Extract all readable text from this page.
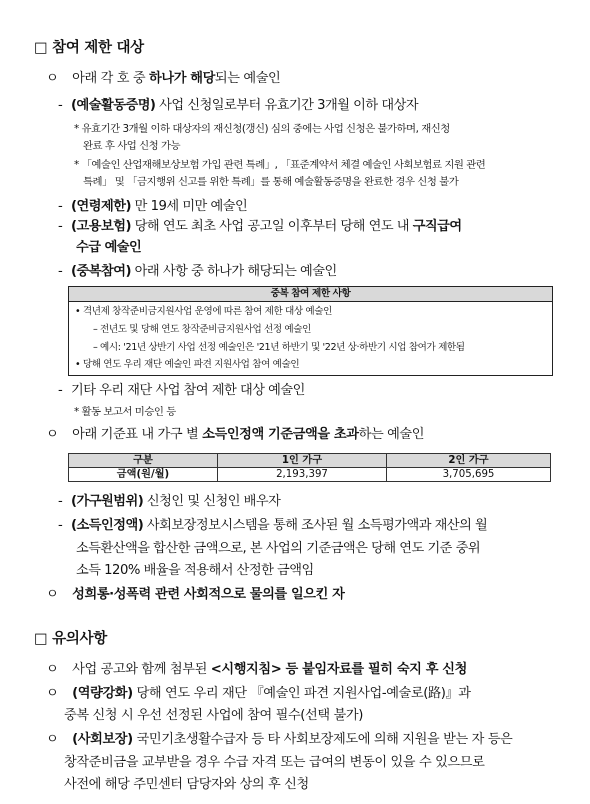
□ 참여 제한 대상
ㅇ 아래 각 호 중 하나가 해당되는 예술인
- (예술활동증명) 사업 신청일로부터 유효기간 3개월 이하 대상자
* 유효기간 3개월 이하 대상자의 재신청(갱신) 심의 중에는 사업 신청은 불가하며, 재신청
완료 후 사업 신청 가능
* 「예술인 산업재해보상보험 가입 관련 특례」, 「표준계약서 체결 예술인 사회보험료 지원 관련
특례」 및 「금지행위 신고를 위한 특례」를 통해 예술활동증명을 완료한 경우 신청 불가
- (연령제한) 만 19세 미만 예술인
- (고용보험) 당해 연도 최초 사업 공고일 이후부터 당해 연도 내 구직급여
수급 예술인
- (중복참여) 아래 사항 중 하나가 해당되는 예술인
중복 참여 제한 사항
• 격년제 창작준비금지원사업 운영에 따른 참여 제한 대상 예술인
– 전년도 및 당해 연도 창작준비금지원사업 선정 예술인
– 예시: '21년 상반기 사업 선정 예술인은 '21년 하반기 및 '22년 상·하반기 시업 참여가 제한됨
• 당해 연도 우리 재단 예술인 파견 지원사업 참여 예술인
- 기타 우리 재단 사업 참여 제한 대상 예술인
* 활동 보고서 미승인 등
ㅇ 아래 기준표 내 가구 별 소득인정액 기준금액을 초과하는 예술인
구분	1인 가구	2인 가구
금액(원/월)	2,193,397	3,705,695
- (가구원범위) 신청인 및 신청인 배우자
- (소득인정액) 사회보장정보시스템을 통해 조사된 월 소득평가액과 재산의 월
소득환산액을 합산한 금액으로, 본 사업의 기준금액은 당해 연도 기준 중위
소득 120% 배율을 적용해서 산정한 금액임
ㅇ 성희롱·성폭력 관련 사회적으로 물의를 일으킨 자
□ 유의사항
ㅇ 사업 공고와 함께 첨부된 <시행지침> 등 붙임자료를 필히 숙지 후 신청
ㅇ (역량강화) 당해 연도 우리 재단 『예술인 파견 지원사업-예술로(路)』과
중복 신청 시 우선 선정된 사업에 참여 필수(선택 불가)
ㅇ (사회보장) 국민기초생활수급자 등 타 사회보장제도에 의해 지원을 받는 자 등은
창작준비금을 교부받을 경우 수급 자격 또는 급여의 변동이 있을 수 있으므로
사전에 해당 주민센터 담당자와 상의 후 신청
